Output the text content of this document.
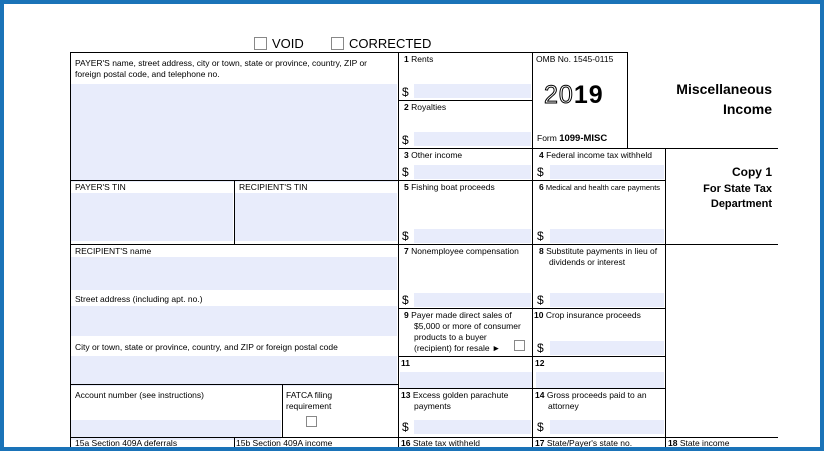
VOID	CORRECTED
PAYER'S name, street address, city or town, state or province, country, ZIP or foreign postal code, and telephone no.
PAYER'S TIN	RECIPIENT'S TIN
RECIPIENT'S name
Street address (including apt. no.)
City or town, state or province, country, and ZIP or foreign postal code
Account number (see instructions)	FATCA filing requirement
15a Section 409A deferrals	15b Section 409A income
1 Rents
$
2 Royalties
$
3 Other income
$
4 Federal income tax withheld
$
5 Fishing boat proceeds
$
6 Medical and health care payments
$
7 Nonemployee compensation
$
8 Substitute payments in lieu of
dividends or interest
$
9 Payer made direct sales of
$5,000 or more of consumer
products to a buyer
(recipient) for resale ►
10 Crop insurance proceeds
$
11	12
13 Excess golden parachute
payments
$
14 Gross proceeds paid to an
attorney
$
16 State tax withheld	17 State/Payer's state no.	18 State income
OMB No. 1545-0115
2019
Form 1099-MISC
Miscellaneous
Income
Copy 1
For State Tax
Department
